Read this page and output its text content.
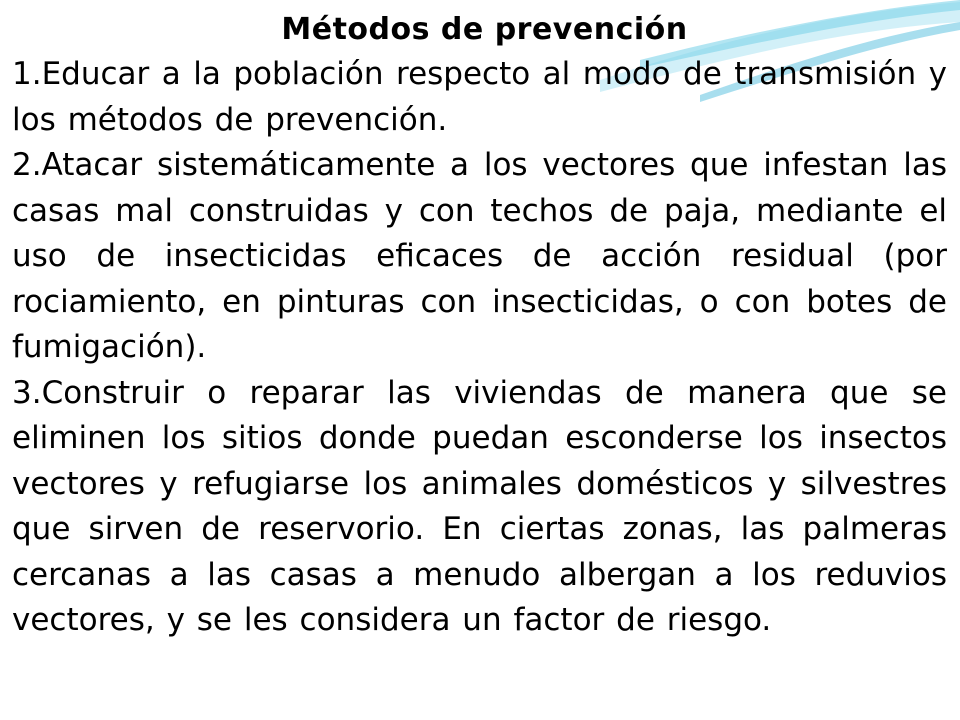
Métodos de prevención

1.Educar a la población respecto al modo de transmisión y los métodos de prevención.

2.Atacar sistemáticamente a los vectores que infestan las casas mal construidas y con techos de paja, mediante el uso de insecticidas eficaces de acción residual (por rociamiento, en pinturas con insecticidas, o con botes de fumigación).

3.Construir o reparar las viviendas de manera que se eliminen los sitios donde puedan esconderse los insectos vectores y refugiarse los animales domésticos y silvestres que sirven de reservorio. En ciertas zonas, las palmeras cercanas a las casas a menudo albergan a los reduvios vectores, y se les considera un factor de riesgo.
